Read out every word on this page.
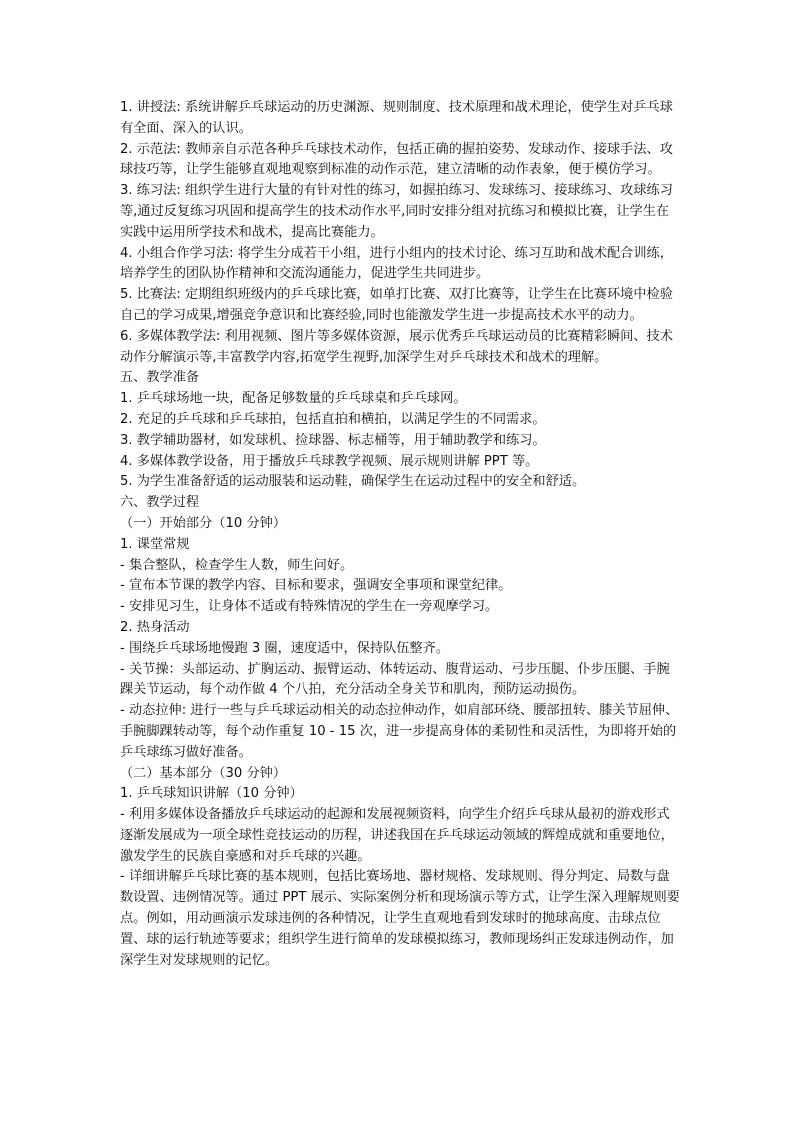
1. 讲授法: 系统讲解乒乓球运动的历史渊源、规则制度、技术原理和战术理论，使学生对乒乓球有全面、深入的认识。

2. 示范法: 教师亲自示范各种乒乓球技术动作，包括正确的握拍姿势、发球动作、接球手法、攻球技巧等，让学生能够直观地观察到标准的动作示范，建立清晰的动作表象，便于模仿学习。

3. 练习法: 组织学生进行大量的有针对性的练习，如握拍练习、发球练习、接球练习、攻球练习等,通过反复练习巩固和提高学生的技术动作水平,同时安排分组对抗练习和模拟比赛，让学生在实践中运用所学技术和战术，提高比赛能力。

4. 小组合作学习法: 将学生分成若干小组，进行小组内的技术讨论、练习互助和战术配合训练，培养学生的团队协作精神和交流沟通能力，促进学生共同进步。

5. 比赛法: 定期组织班级内的乒乓球比赛，如单打比赛、双打比赛等，让学生在比赛环境中检验自己的学习成果,增强竞争意识和比赛经验,同时也能激发学生进一步提高技术水平的动力。

6. 多媒体教学法: 利用视频、图片等多媒体资源，展示优秀乒乓球运动员的比赛精彩瞬间、技术动作分解演示等,丰富教学内容,拓宽学生视野,加深学生对乒乓球技术和战术的理解。

五、教学准备

1. 乒乓球场地一块，配备足够数量的乒乓球桌和乒乓球网。

2. 充足的乒乓球和乒乓球拍，包括直拍和横拍，以满足学生的不同需求。

3. 教学辅助器材，如发球机、捡球器、标志桶等，用于辅助教学和练习。

4. 多媒体教学设备，用于播放乒乓球教学视频、展示规则讲解 PPT 等。

5. 为学生准备舒适的运动服装和运动鞋，确保学生在运动过程中的安全和舒适。

六、教学过程

（一）开始部分（10 分钟）

1. 课堂常规

- 集合整队，检查学生人数，师生问好。

- 宣布本节课的教学内容、目标和要求，强调安全事项和课堂纪律。

- 安排见习生，让身体不适或有特殊情况的学生在一旁观摩学习。

2. 热身活动

- 围绕乒乓球场地慢跑 3 圈，速度适中，保持队伍整齐。

- 关节操：头部运动、扩胸运动、振臂运动、体转运动、腹背运动、弓步压腿、仆步压腿、手腕踝关节运动，每个动作做 4 个八拍，充分活动全身关节和肌肉，预防运动损伤。

- 动态拉伸: 进行一些与乒乓球运动相关的动态拉伸动作，如肩部环绕、腰部扭转、膝关节屈伸、手腕脚踝转动等，每个动作重复 10 - 15 次，进一步提高身体的柔韧性和灵活性，为即将开始的乒乓球练习做好准备。

（二）基本部分（30 分钟）

1. 乒乓球知识讲解（10 分钟）

- 利用多媒体设备播放乒乓球运动的起源和发展视频资料，向学生介绍乒乓球从最初的游戏形式逐渐发展成为一项全球性竞技运动的历程，讲述我国在乒乓球运动领域的辉煌成就和重要地位，激发学生的民族自豪感和对乒乓球的兴趣。

- 详细讲解乒乓球比赛的基本规则，包括比赛场地、器材规格、发球规则、得分判定、局数与盘数设置、违例情况等。通过 PPT 展示、实际案例分析和现场演示等方式，让学生深入理解规则要点。例如，用动画演示发球违例的各种情况，让学生直观地看到发球时的抛球高度、击球点位置、球的运行轨迹等要求；组织学生进行简单的发球模拟练习，教师现场纠正发球违例动作，加深学生对发球规则的记忆。
